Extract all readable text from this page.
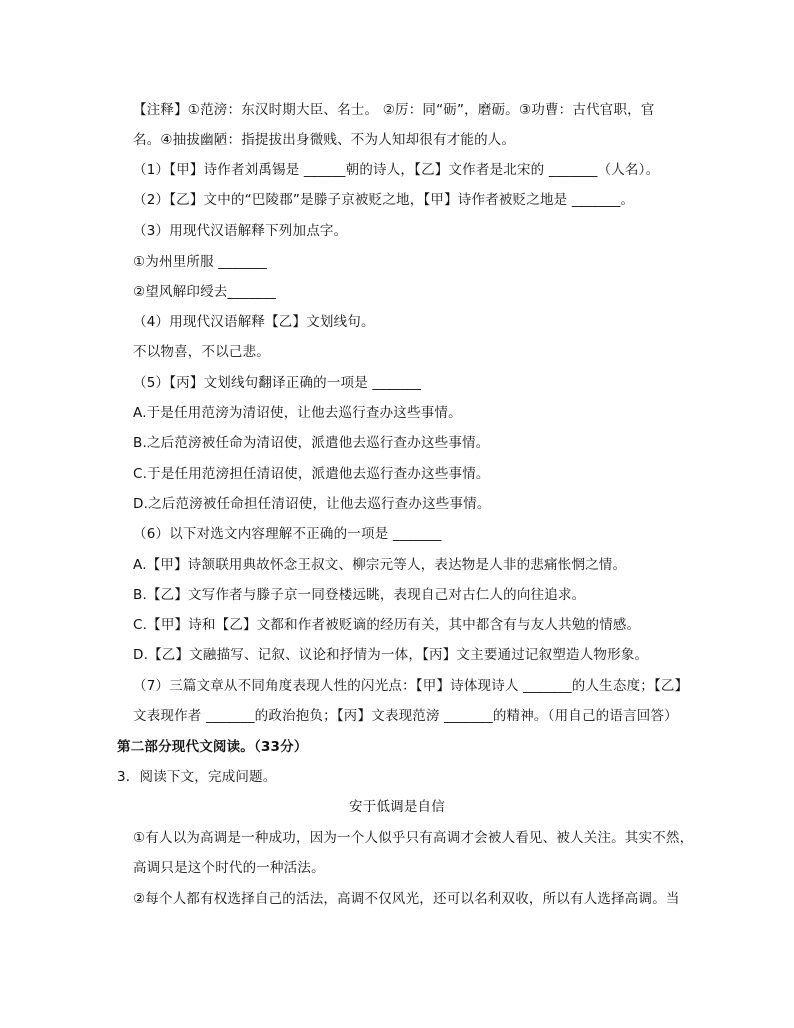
【注释】①范滂：东汉时期大臣、名士。 ②厉：同“砺”，磨砺。③功曹：古代官职，官
名。④抽拔幽陋：指提拔出身微贱、不为人知却很有才能的人。
（1）【甲】诗作者刘禹锡是 ______朝的诗人，【乙】文作者是北宋的 _______（人名）。
（2）【乙】文中的“巴陵郡”是滕子京被贬之地，【甲】诗作者被贬之地是 _______。
（3）用现代汉语解释下列加点字。
①为州里所服 _______
②望风解印绶去_______
（4）用现代汉语解释【乙】文划线句。
不以物喜，不以己悲。
（5）【丙】文划线句翻译正确的一项是 _______
A.于是任用范滂为清诏使，让他去巡行查办这些事情。
B.之后范滂被任命为清诏使，派遣他去巡行查办这些事情。
C.于是任用范滂担任清诏使，派遣他去巡行查办这些事情。
D.之后范滂被任命担任清诏使，让他去巡行查办这些事情。
（6）以下对选文内容理解不正确的一项是 _______
A.【甲】诗颔联用典故怀念王叔文、柳宗元等人，表达物是人非的悲痛怅惘之情。
B.【乙】文写作者与滕子京一同登楼远眺，表现自己对古仁人的向往追求。
C.【甲】诗和【乙】文都和作者被贬谪的经历有关，其中都含有与友人共勉的情感。
D.【乙】文融描写、记叙、议论和抒情为一体，【丙】文主要通过记叙塑造人物形象。
（7）三篇文章从不同角度表现人性的闪光点：【甲】诗体现诗人 _______的人生态度；【乙】
文表现作者 _______的政治抱负；【丙】文表现范滂 _______的精神。（用自己的语言回答）
第二部分现代文阅读。（33分）
3．阅读下文，完成问题。
安于低调是自信
①有人以为高调是一种成功，因为一个人似乎只有高调才会被人看见、被人关注。其实不然，
高调只是这个时代的一种活法。
②每个人都有权选择自己的活法，高调不仅风光，还可以名利双收，所以有人选择高调。当
